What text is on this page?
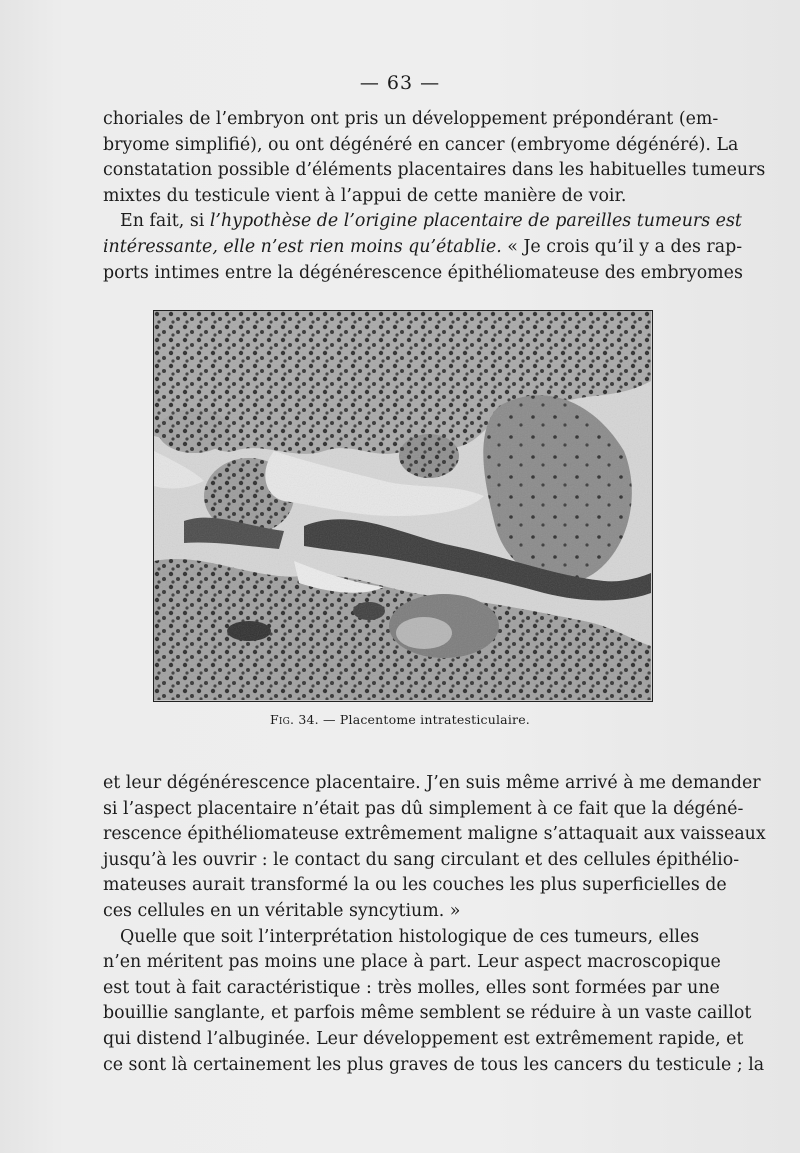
— 63 —

choriales de l’embryon ont pris un développement prépondérant (em-
bryome simplifié), ou ont dégénéré en cancer (embryome dégénéré). La
constatation possible d’éléments placentaires dans les habituelles tumeurs
mixtes du testicule vient à l’appui de cette manière de voir.

En fait, si l’hypothèse de l’origine placentaire de pareilles tumeurs est
intéressante, elle n’est rien moins qu’établie. « Je crois qu’il y a des rap-
ports intimes entre la dégénérescence épithéliomateuse des embryomes

Fig. 34. — Placentome intratesticulaire.

et leur dégénérescence placentaire. J’en suis même arrivé à me demander
si l’aspect placentaire n’était pas dû simplement à ce fait que la dégéné-
rescence épithéliomateuse extrêmement maligne s’attaquait aux vaisseaux
jusqu’à les ouvrir : le contact du sang circulant et des cellules épithélio-
mateuses aurait transformé la ou les couches les plus superficielles de
ces cellules en un véritable syncytium. »

Quelle que soit l’interprétation histologique de ces tumeurs, elles
n’en méritent pas moins une place à part. Leur aspect macroscopique
est tout à fait caractéristique : très molles, elles sont formées par une
bouillie sanglante, et parfois même semblent se réduire à un vaste caillot
qui distend l’albuginée. Leur développement est extrêmement rapide, et
ce sont là certainement les plus graves de tous les cancers du testicule ; la
